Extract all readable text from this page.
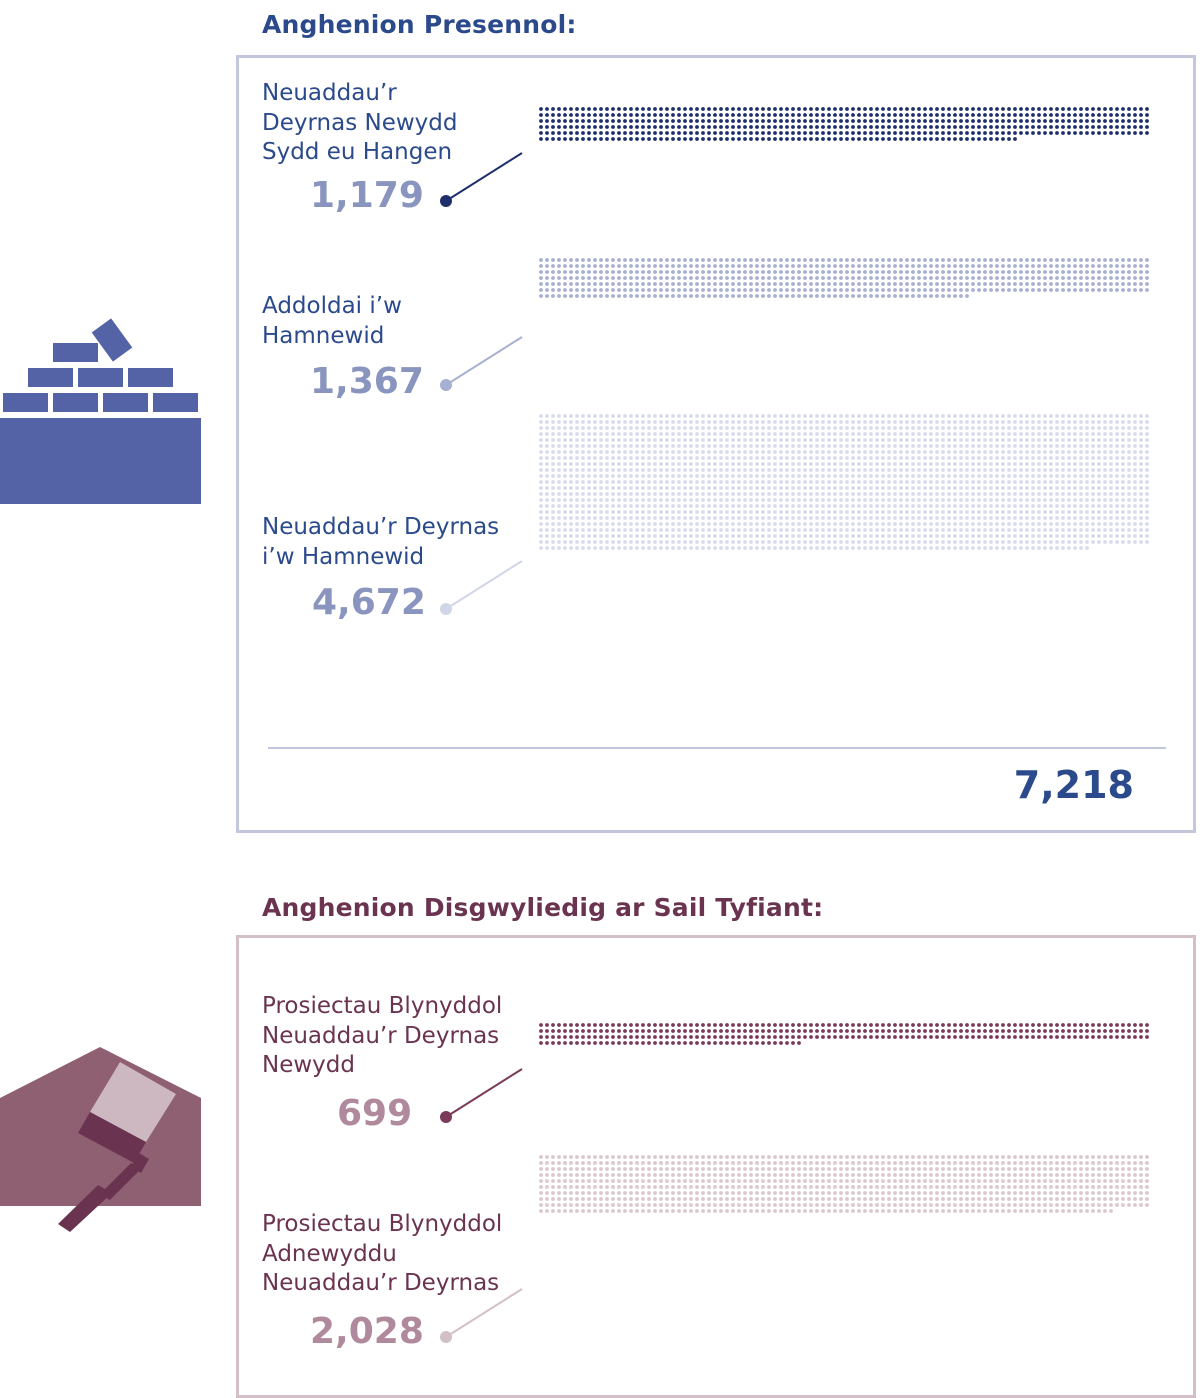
Anghenion Presennol:
Neuaddau’r
Deyrnas Newydd
Sydd eu Hangen
1,179
Addoldai i’w
Hamnewid
1,367
Neuaddau’r Deyrnas
i’w Hamnewid
4,672
7,218
Anghenion Disgwyliedig ar Sail Tyfiant:
Prosiectau Blynyddol
Neuaddau’r Deyrnas
Newydd
699
Prosiectau Blynyddol
Adnewyddu
Neuaddau’r Deyrnas
2,028
